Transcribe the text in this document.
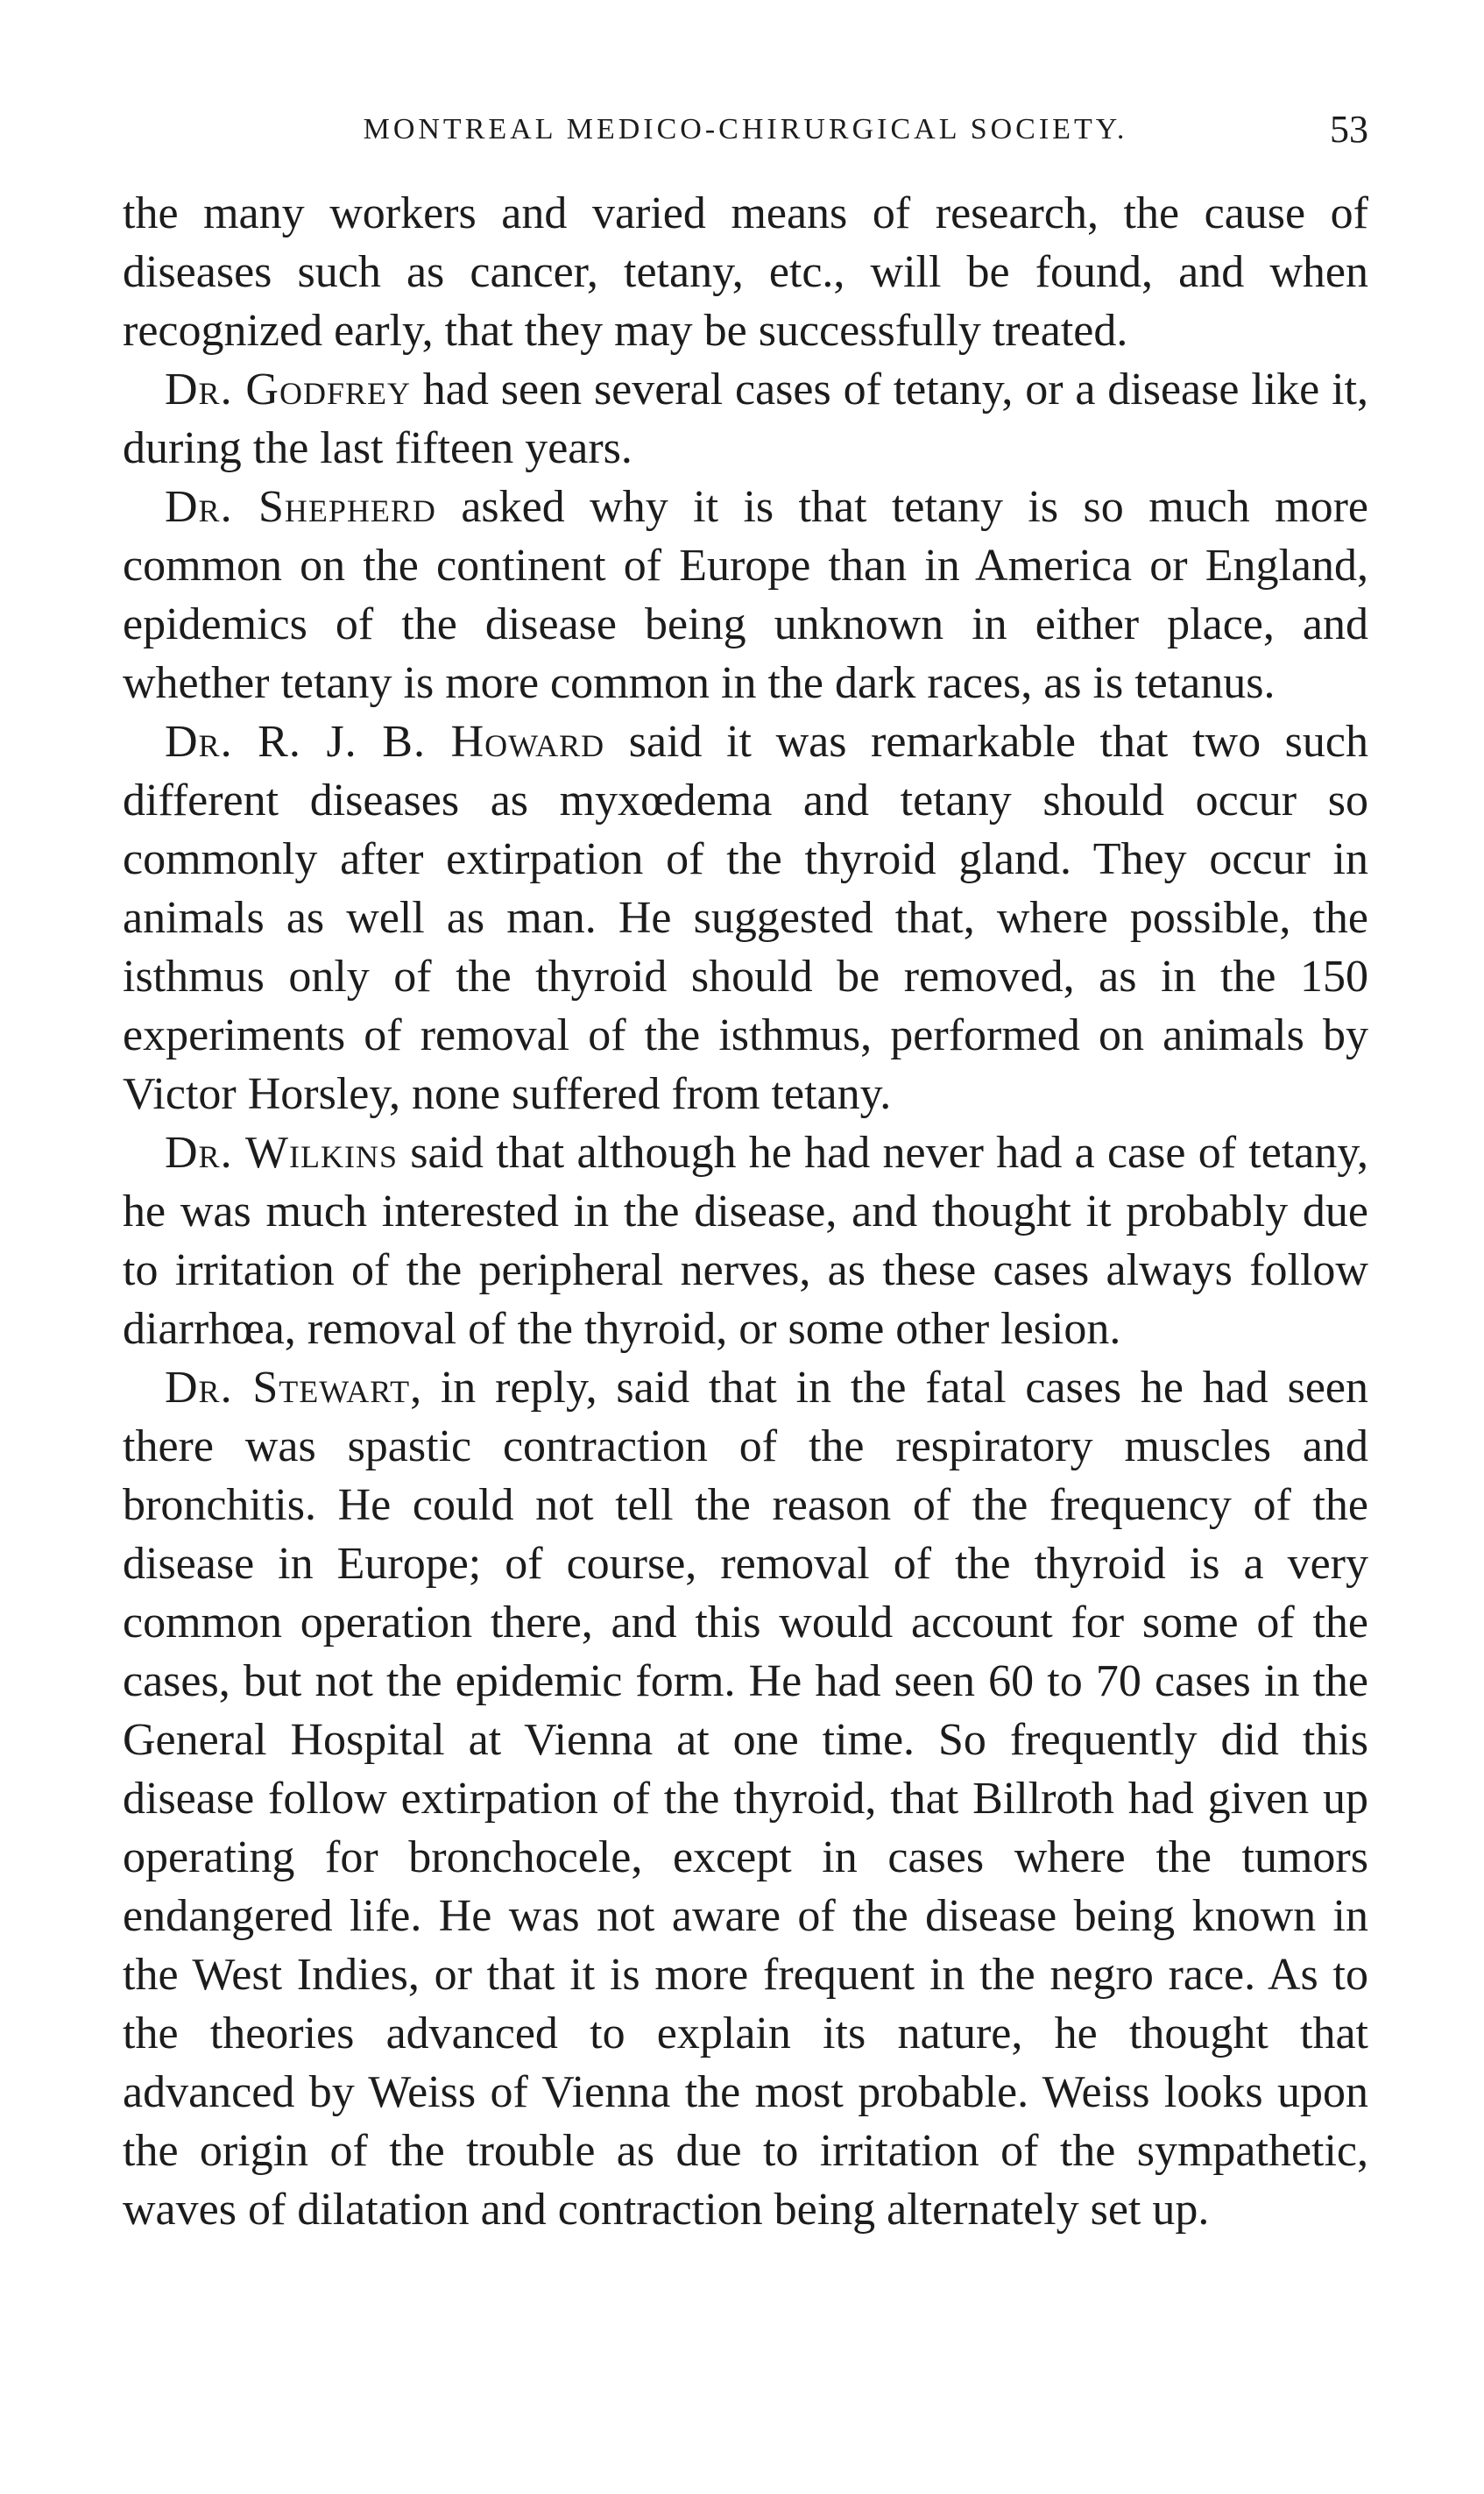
MONTREAL MEDICO-CHIRURGICAL SOCIETY.	53

the many workers and varied means of research, the cause of diseases such as cancer, tetany, etc., will be found, and when recognized early, that they may be successfully treated.

Dr. Godfrey had seen several cases of tetany, or a disease like it, during the last fifteen years.

Dr. Shepherd asked why it is that tetany is so much more common on the continent of Europe than in America or England, epidemics of the disease being unknown in either place, and whether tetany is more common in the dark races, as is tetanus.

Dr. R. J. B. Howard said it was remarkable that two such different diseases as myxœdema and tetany should occur so commonly after extirpation of the thyroid gland. They occur in animals as well as man. He suggested that, where possible, the isthmus only of the thyroid should be removed, as in the 150 experiments of removal of the isthmus, performed on animals by Victor Horsley, none suffered from tetany.

Dr. Wilkins said that although he had never had a case of tetany, he was much interested in the disease, and thought it probably due to irritation of the peripheral nerves, as these cases always follow diarrhœa, removal of the thyroid, or some other lesion.

Dr. Stewart, in reply, said that in the fatal cases he had seen there was spastic contraction of the respiratory muscles and bronchitis. He could not tell the reason of the frequency of the disease in Europe; of course, removal of the thyroid is a very common operation there, and this would account for some of the cases, but not the epidemic form. He had seen 60 to 70 cases in the General Hospital at Vienna at one time. So frequently did this disease follow extirpation of the thyroid, that Billroth had given up operating for bronchocele, except in cases where the tumors endangered life. He was not aware of the disease being known in the West Indies, or that it is more frequent in the negro race. As to the theories advanced to explain its nature, he thought that advanced by Weiss of Vienna the most probable. Weiss looks upon the origin of the trouble as due to irritation of the sympathetic, waves of dilatation and contraction being alternately set up.
